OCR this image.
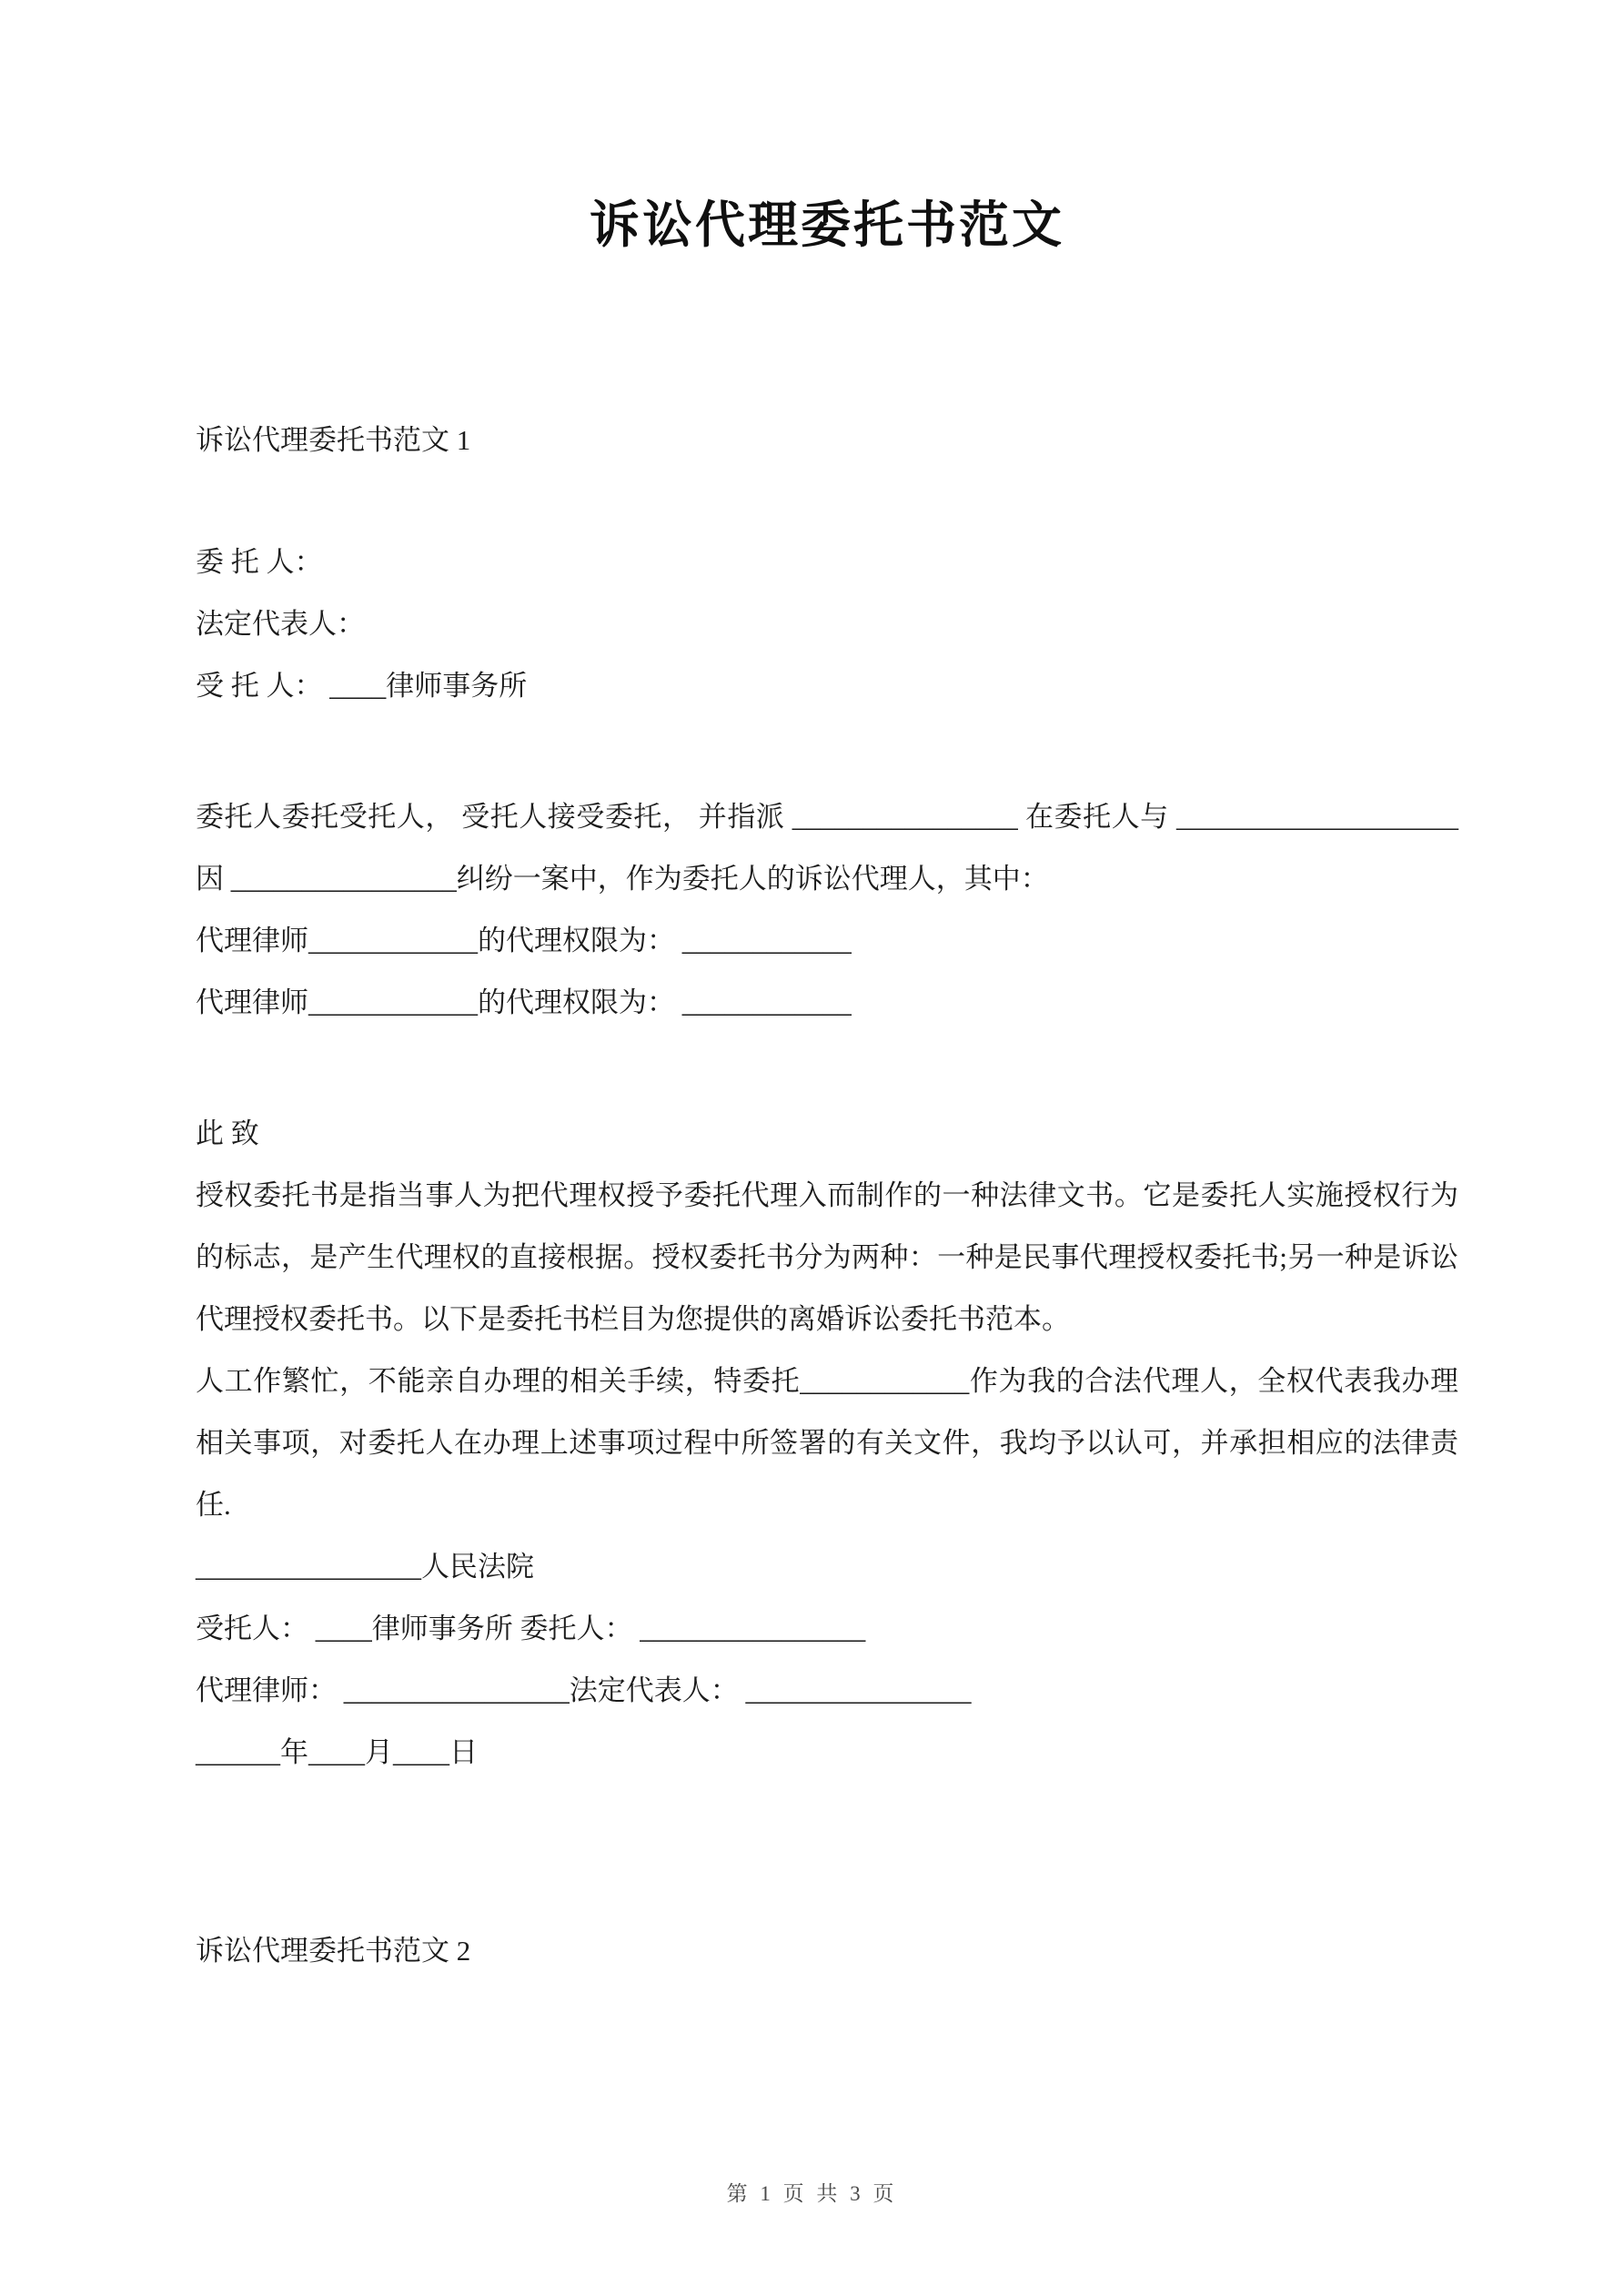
诉讼代理委托书范文

诉讼代理委托书范文 1

委 托 人：

法定代表人：

受 托 人： ____律师事务所

委托人委托受托人， 受托人接受委托， 并指派 ________________ 在委托人与 ____________________ 因 ________________纠纷一案中，作为委托人的诉讼代理人，其中：

代理律师____________的代理权限为： ____________

代理律师____________的代理权限为： ____________

此 致

授权委托书是指当事人为把代理权授予委托代理入而制作的一种法律文书。它是委托人实施授权行为的标志，是产生代理权的直接根据。授权委托书分为两种：一种是民事代理授权委托书;另一种是诉讼代理授权委托书。以下是委托书栏目为您提供的离婚诉讼委托书范本。

人工作繁忙，不能亲自办理的相关手续，特委托____________作为我的合法代理人，全权代表我办理相关事项，对委托人在办理上述事项过程中所签署的有关文件，我均予以认可，并承担相应的法律责任.

________________人民法院

受托人： ____律师事务所 委托人： ________________

代理律师： ________________法定代表人： ________________

______年____月____日

诉讼代理委托书范文 2

第 1 页 共 3 页
